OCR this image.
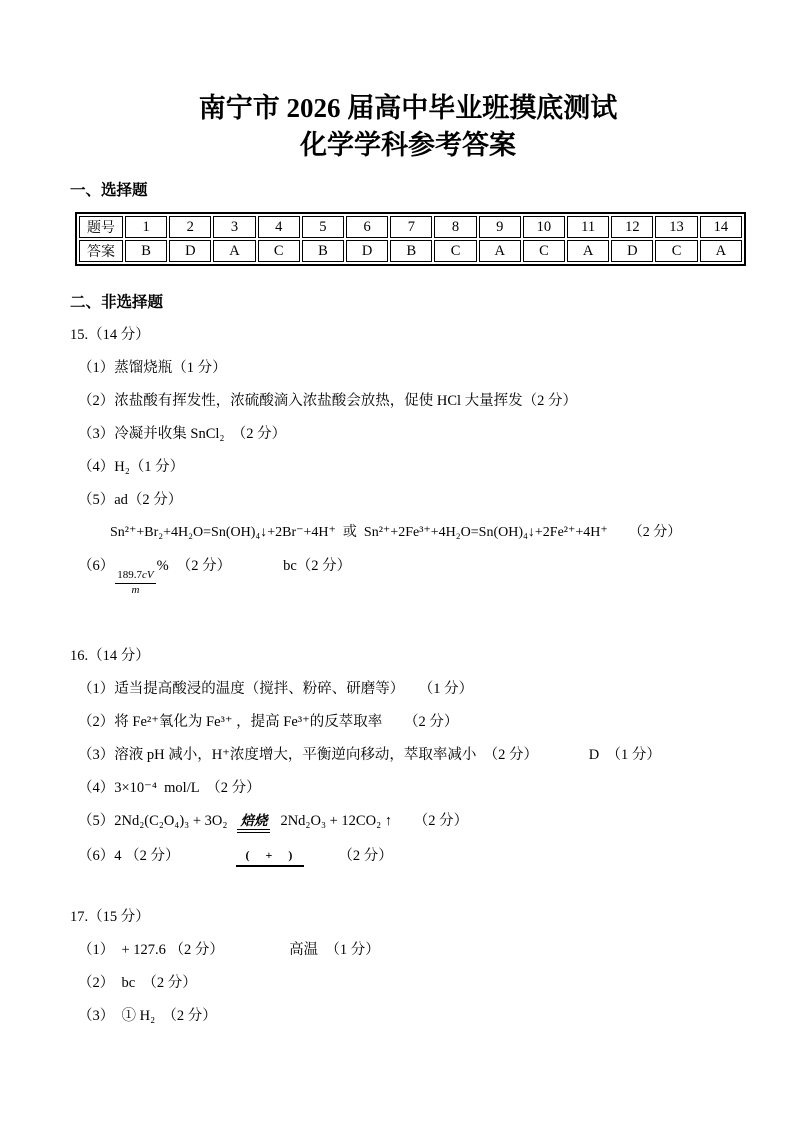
南宁市 2026 届高中毕业班摸底测试
化学学科参考答案
一、选择题
题号	1	2	3	4	5	6	7	8	9	10	11	12	13	14
答案	B	D	A	C	B	D	B	C	A	C	A	D	C	A
二、非选择题
15.（14 分）
（1）蒸馏烧瓶（1 分）
（2）浓盐酸有挥发性，浓硫酸滴入浓盐酸会放热，促使 HCl 大量挥发（2 分）
（3）冷凝并收集 SnCl₂　（2 分）
（4）H₂（1 分）
（5）ad（2 分）
Sn²⁺+Br₂+4H₂O=Sn(OH)₄↓+2Br⁻+4H⁺  或  Sn²⁺+2Fe³⁺+4H₂O=Sn(OH)₄↓+2Fe²⁺+4H⁺　　（2 分）
（6）
$\frac{189.7cV}{m}$
% （2 分）	bc（2 分）
16.（14 分）
（1）适当提高酸浸的温度（搅拌、粉碎、研磨等）　　（1 分）
（2）将 Fe²⁺氧化为 Fe³⁺ ，提高 Fe³⁺的反萃取率　　（2 分）
（3）溶液 pH 减小，H⁺浓度增大，平衡逆向移动，萃取率减小　（2 分）　　　　D　（1 分）
（4）3×10⁻⁴  mol/L　（2 分）
（5）2Nd₂(C₂O₄)₃ + 3O₂ 焙烧 2Nd₂O₃ + 12CO₂ ↑　　（2 分）
（6）4 （2 分）	(　+　)	（2 分）
17.（15 分）
（1）　+ 127.6 （2 分）　　　　　高温　（1 分）
（2）　bc　（2 分）
（3）　① H₂　（2 分）
